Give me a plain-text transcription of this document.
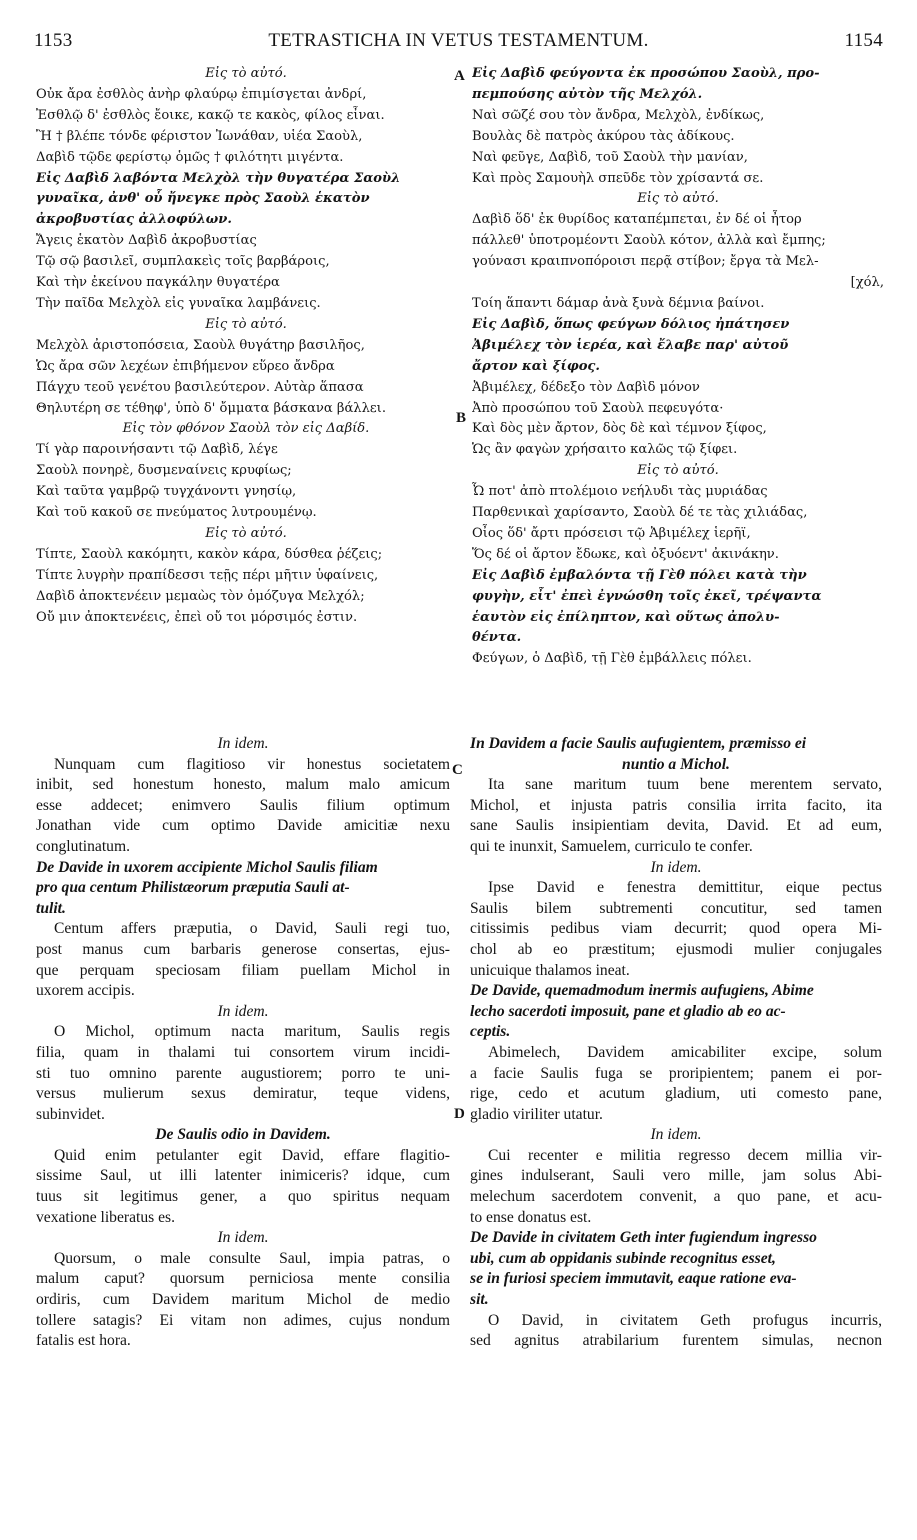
1153	TETRASTICHA IN VETUS TESTAMENTUM.	1154
A
B
C
D

Εἰς τὸ αὐτό.

Οὐκ ἄρα ἐσθλὸς ἀνὴρ φλαύρῳ ἐπιμίσγεται ἀνδρί,

Ἐσθλῷ δ' ἐσθλὸς ἔοικε, κακῷ τε κακὸς, φίλος εἶναι.

Ἢ † βλέπε τόνδε φέριστον Ἰωνάθαν, υἱέα Σαοὺλ,

Δαβὶδ τῷδε φερίστῳ ὁμῶς † φιλότητι μιγέντα.

Εἰς Δαβὶδ λαβόντα Μελχὸλ τὴν θυγατέρα Σαοὺλ

γυναῖκα, ἀνθ' οὗ ἤνεγκε πρὸς Σαοὺλ ἑκατὸν

ἀκροβυστίας ἀλλοφύλων.

Ἄγεις ἑκατὸν Δαβὶδ ἀκροβυστίας

Τῷ σῷ βασιλεῖ, συμπλακεὶς τοῖς βαρβάροις,

Καὶ τὴν ἐκείνου παγκάλην θυγατέρα

Τὴν παῖδα Μελχὸλ εἰς γυναῖκα λαμβάνεις.

Εἰς τὸ αὐτό.

Μελχὸλ ἀριστοπόσεια, Σαοὺλ θυγάτηρ βασιλῆος,

Ὡς ἄρα σῶν λεχέων ἐπιβήμενον εὕρεο ἄνδρα

Πάγχυ τεοῦ γενέτου βασιλεύτερον. Αὐτὰρ ἅπασα

Θηλυτέρη σε τέθηφ', ὑπὸ δ' ὄμματα βάσκανα βάλλει.

Εἰς τὸν φθόνον Σαοὺλ τὸν εἰς Δαβίδ.

Τί γὰρ παροινήσαντι τῷ Δαβὶδ, λέγε

Σαοὺλ πονηρὲ, δυσμεναίνεις κρυφίως;

Καὶ ταῦτα γαμβρῷ τυγχάνοντι γνησίῳ,

Καὶ τοῦ κακοῦ σε πνεύματος λυτρουμένῳ.

Εἰς τὸ αὐτό.

Τίπτε, Σαοὺλ κακόμητι, κακὸν κάρα, δύσθεα ῥέζεις;

Τίπτε λυγρὴν πραπίδεσσι τεῇς πέρι μῆτιν ὑφαίνεις,

Δαβὶδ ἀποκτενέειν μεμαὼς τὸν ὁμόζυγα Μελχόλ;

Οὔ μιν ἀποκτενέεις, ἐπεὶ οὔ τοι μόρσιμός ἐστιν.

Εἰς Δαβὶδ φεύγοντα ἐκ προσώπου Σαοὺλ, προ-

πεμπούσης αὐτὸν τῆς Μελχόλ.

Ναὶ σῶζέ σου τὸν ἄνδρα, Μελχὸλ, ἐνδίκως,

Βουλὰς δὲ πατρὸς ἀκύρου τὰς ἀδίκους.

Ναὶ φεῦγε, Δαβὶδ, τοῦ Σαοὺλ τὴν μανίαν,

Καὶ πρὸς Σαμουὴλ σπεῦδε τὸν χρίσαντά σε.

Εἰς τὸ αὐτό.

Δαβὶδ ὅδ' ἐκ θυρίδος καταπέμπεται, ἐν δέ οἱ ἦτορ

πάλλεθ' ὑποτρομέοντι Σαοὺλ κότον, ἀλλὰ καὶ ἔμπης;

γούνασι κραιπνοπόροισι περᾷ στίβον; ἔργα τὰ Μελ-

[χόλ,

Τοίη ἅπαντι δάμαρ ἀνὰ ξυνὰ δέμνια βαίνοι.

Εἰς Δαβὶδ, ὅπως φεύγων δόλιος ἠπάτησεν

Ἀβιμέλεχ τὸν ἱερέα, καὶ ἔλαβε παρ' αὐτοῦ

ἄρτον καὶ ξίφος.

Ἀβιμέλεχ, δέδεξο τὸν Δαβὶδ μόνον

Ἀπὸ προσώπου τοῦ Σαοὺλ πεφευγότα·

Καὶ δὸς μὲν ἄρτον, δὸς δὲ καὶ τέμνον ξίφος,

Ὡς ἂν φαγὼν χρήσαιτο καλῶς τῷ ξίφει.

Εἰς τὸ αὐτό.

Ὦ ποτ' ἀπὸ πτολέμοιο νεήλυδι τὰς μυριάδας

Παρθενικαὶ χαρίσαντο, Σαοὺλ δέ τε τὰς χιλιάδας,

Οἶος ὅδ' ἄρτι πρόσεισι τῷ Ἀβιμέλεχ ἱερῆϊ,

Ὅς δέ οἱ ἄρτον ἔδωκε, καὶ ὀξυόεντ' ἀκινάκην.

Εἰς Δαβὶδ ἐμβαλόντα τῇ Γὲθ πόλει κατὰ τὴν

φυγὴν, εἶτ' ἐπεὶ ἐγνώσθη τοῖς ἐκεῖ, τρέψαντα

ἑαυτὸν εἰς ἐπίληπτον, καὶ οὕτως ἀπολυ-

θέντα.

Φεύγων, ὁ Δαβὶδ, τῇ Γὲθ ἐμβάλλεις πόλει.

In idem.

Nunquam cum flagitioso vir honestus societatem

inibit, sed honestum honesto, malum malo amicum

esse addecet; enimvero Saulis filium optimum

Jonathan vide cum optimo Davide amicitiæ nexu

conglutinatum.

De Davide in uxorem accipiente Michol Saulis filiam

pro qua centum Philistæorum præputia Sauli at-

tulit.

Centum affers præputia, o David, Sauli regi tuo,

post manus cum barbaris generose consertas, ejus-

que perquam speciosam filiam puellam Michol in

uxorem accipis.

In idem.

O Michol, optimum nacta maritum, Saulis regis

filia, quam in thalami tui consortem virum incidi-

sti tuo omnino parente augustiorem; porro te uni-

versus mulierum sexus demiratur, teque videns,

subinvidet.

De Saulis odio in Davidem.

Quid enim petulanter egit David, effare flagitio-

sissime Saul, ut illi latenter inimiceris? idque, cum

tuus sit legitimus gener, a quo spiritus nequam

vexatione liberatus es.

In idem.

Quorsum, o male consulte Saul, impia patras, o

malum caput? quorsum perniciosa mente consilia

ordiris, cum Davidem maritum Michol de medio

tollere satagis? Ei vitam non adimes, cujus nondum

fatalis est hora.

In Davidem a facie Saulis aufugientem, præmisso ei

nuntio a Michol.

Ita sane maritum tuum bene merentem servato,

Michol, et injusta patris consilia irrita facito, ita

sane Saulis insipientiam devita, David. Et ad eum,

qui te inunxit, Samuelem, curriculo te confer.

In idem.

Ipse David e fenestra demittitur, eique pectus

Saulis bilem subtrementi concutitur, sed tamen

citissimis pedibus viam decurrit; quod opera Mi-

chol ab eo præstitum; ejusmodi mulier conjugales

unicuique thalamos ineat.

De Davide, quemadmodum inermis aufugiens, Abime

lecho sacerdoti imposuit, pane et gladio ab eo ac-

ceptis.

Abimelech, Davidem amicabiliter excipe, solum

a facie Saulis fuga se proripientem; panem ei por-

rige, cedo et acutum gladium, uti comesto pane,

gladio viriliter utatur.

In idem.

Cui recenter e militia regresso decem millia vir-

gines indulserant, Sauli vero mille, jam solus Abi-

melechum sacerdotem convenit, a quo pane, et acu-

to ense donatus est.

De Davide in civitatem Geth inter fugiendum ingresso

ubi, cum ab oppidanis subinde recognitus esset,

se in furiosi speciem immutavit, eaque ratione eva-

sit.

O David, in civitatem Geth profugus incurris,

sed agnitus atrabilarium furentem simulas, necnon
